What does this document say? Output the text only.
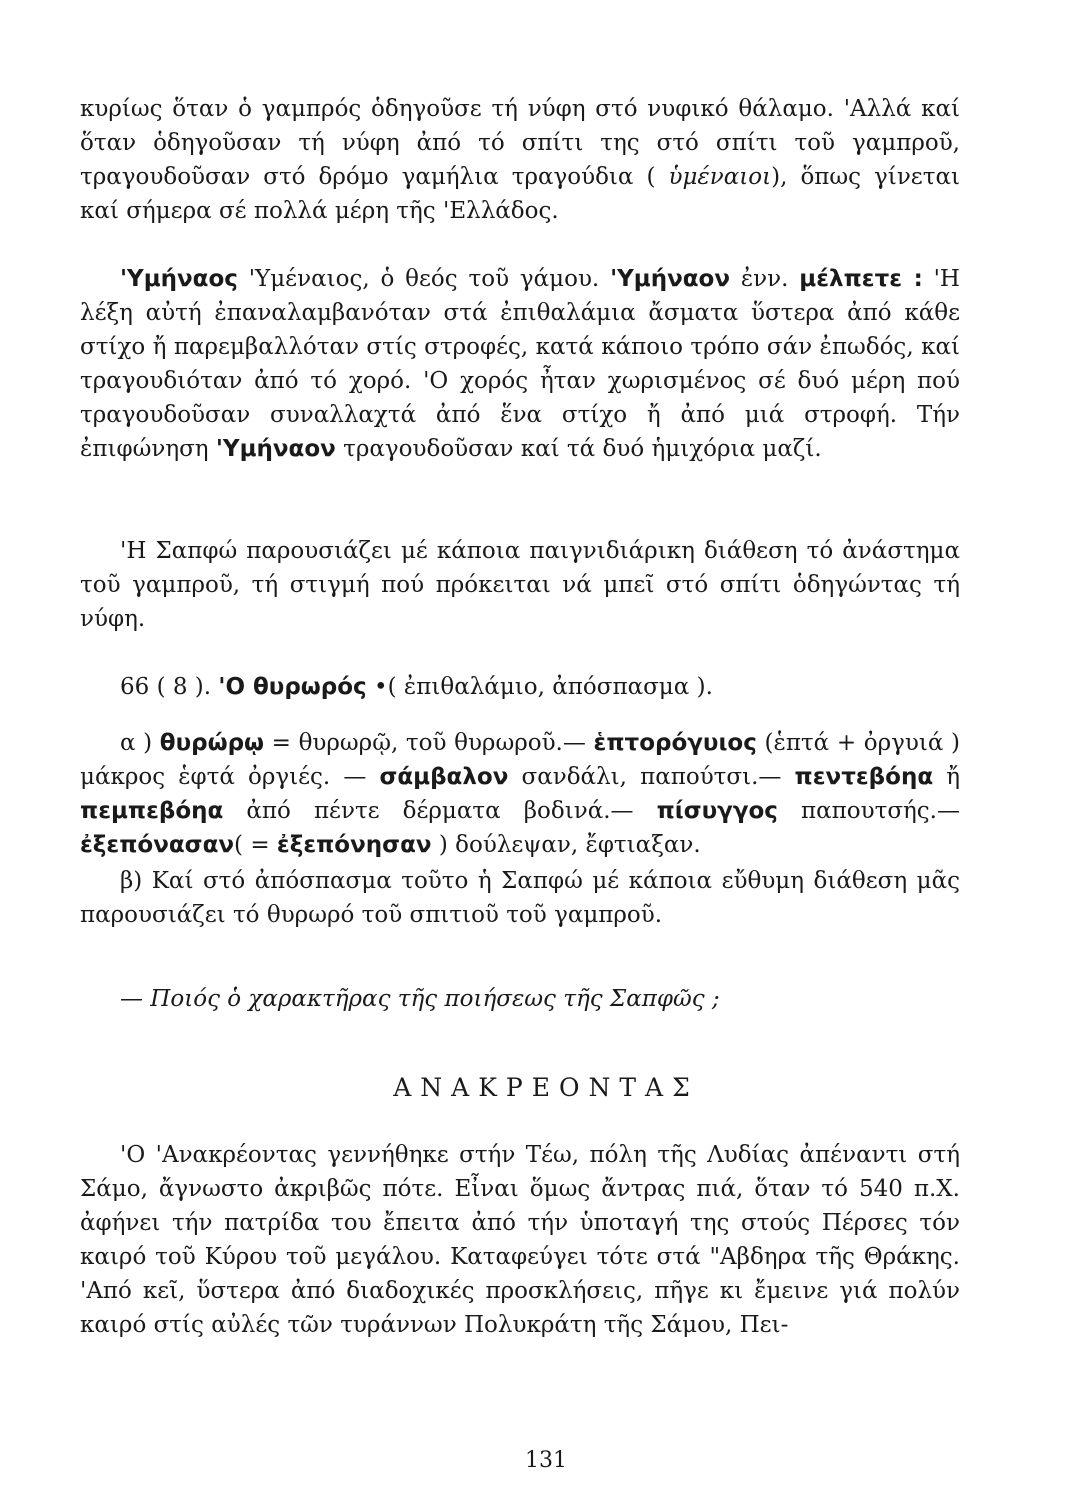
κυρίως ὅταν ὁ γαμπρός ὁδηγοῦσε τή νύφη στό νυφικό θάλαμο. 'Αλλά καί ὅταν ὁδηγοῦσαν τή νύφη ἀπό τό σπίτι της στό σπίτι τοῦ γαμπροῦ, τραγουδοῦσαν στό δρόμο γαμήλια τραγούδια ( ὑμέναιοι), ὅπως γίνεται καί σήμερα σέ πολλά μέρη τῆς 'Ελλάδος.

'Υμήναος 'Υμέναιος, ὁ θεός τοῦ γάμου. 'Υμήναον ἐνν. μέλπετε : 'Η λέξη αὐτή ἐπαναλαμβανόταν στά ἐπιθαλάμια ἄσματα ὕστερα ἀπό κάθε στίχο ἤ παρεμβαλλόταν στίς στροφές, κατά κάποιο τρόπο σάν ἐπωδός, καί τραγουδιόταν ἀπό τό χορό. 'Ο χορός ἦταν χωρισμένος σέ δυό μέρη πού τραγουδοῦσαν συναλλαχτά ἀπό ἕνα στίχο ἤ ἀπό μιά στροφή. Τήν ἐπιφώνηση 'Υμήναον τραγουδοῦσαν καί τά δυό ἡμιχόρια μαζί.

'Η Σαπφώ παρουσιάζει μέ κάποια παιγνιδιάρικη διάθεση τό ἀνάστημα τοῦ γαμπροῦ, τή στιγμή πού πρόκειται νά μπεῖ στό σπίτι ὁδηγώντας τή νύφη.

66 ( 8 ). 'Ο θυρωρός •( ἐπιθαλάμιο, ἀπόσπασμα ).

α ) θυρώρῳ = θυρωρῷ, τοῦ θυρωροῦ.— ἑπτορόγυιος (ἑπτά + ὀργυιά ) μάκρος ἑφτά ὀργιές. — σάμβαλον σανδάλι, παπούτσι.— πεντεβόηα ἤ πεμπεβόηα ἀπό πέντε δέρματα βοδινά.— πίσυγγος παπουτσής.— ἐξεπόνασαν( = ἐξεπόνησαν ) δούλεψαν, ἔφτιαξαν.

β) Καί στό ἀπόσπασμα τοῦτο ἡ Σαπφώ μέ κάποια εὔθυμη διάθεση μᾶς παρουσιάζει τό θυρωρό τοῦ σπιτιοῦ τοῦ γαμπροῦ.

— Ποιός ὁ χαρακτῆρας τῆς ποιήσεως τῆς Σαπφῶς ;

ΑΝΑΚΡΕΟΝΤΑΣ

'Ο 'Ανακρέοντας γεννήθηκε στήν Τέω, πόλη τῆς Λυδίας ἀπέναντι στή Σάμο, ἄγνωστο ἀκριβῶς πότε. Εἶναι ὅμως ἄντρας πιά, ὅταν τό 540 π.Χ. ἀφήνει τήν πατρίδα του ἔπειτα ἀπό τήν ὑποταγή της στούς Πέρσες τόν καιρό τοῦ Κύρου τοῦ μεγάλου. Καταφεύγει τότε στά "Αβδηρα τῆς Θράκης. 'Από κεῖ, ὕστερα ἀπό διαδοχικές προσκλήσεις, πῆγε κι ἔμεινε γιά πολύν καιρό στίς αὐλές τῶν τυράννων Πολυκράτη τῆς Σάμου, Πει-

131
